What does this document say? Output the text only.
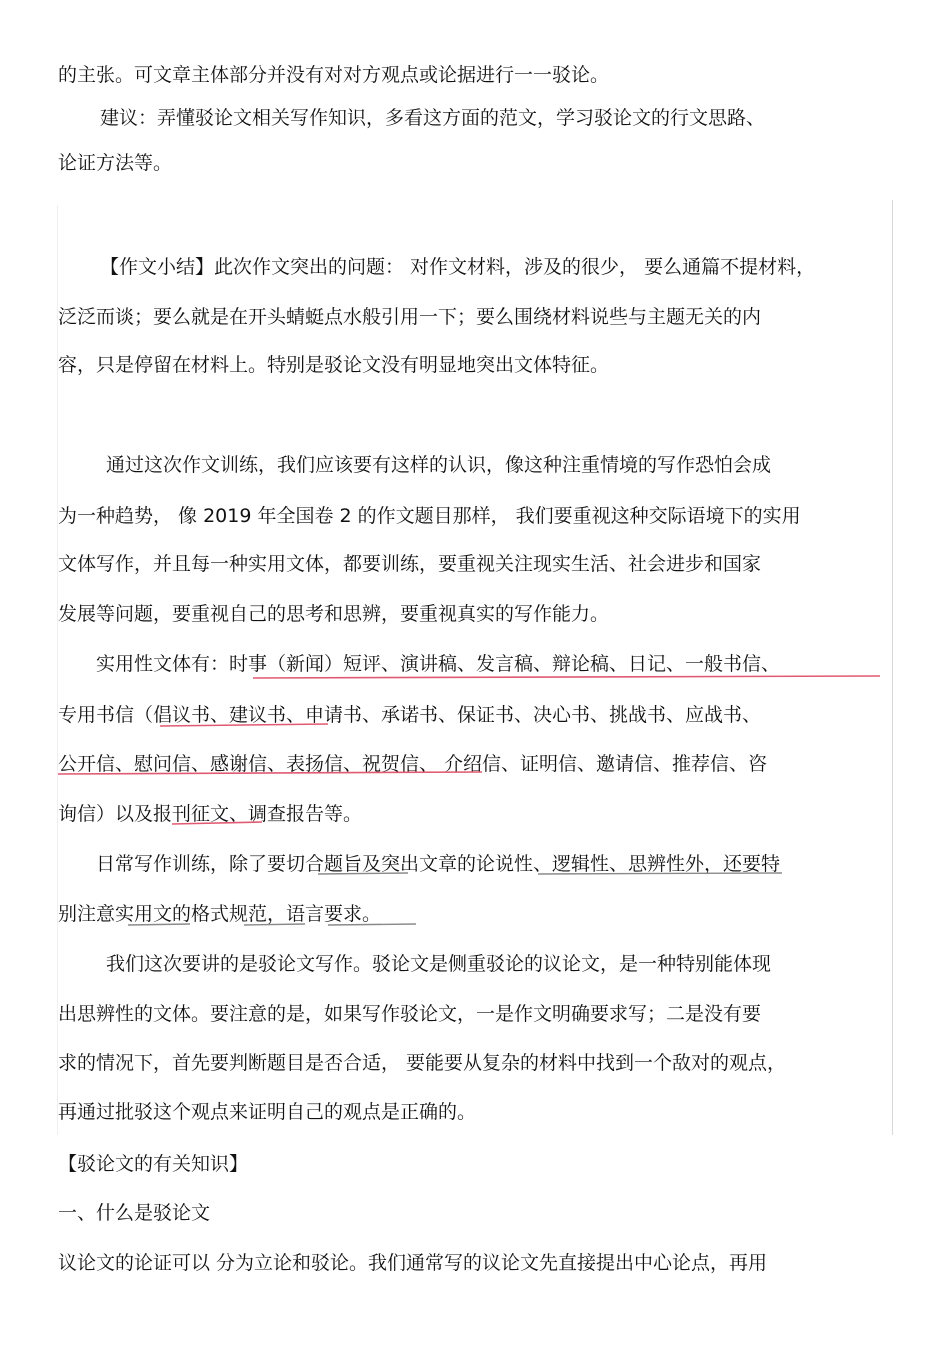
的主张。可文章主体部分并没有对对方观点或论据进行一一驳论。
建议：弄懂驳论文相关写作知识，多看这方面的范文，学习驳论文的行文思路、
论证方法等。
【作文小结】此次作文突出的问题： 对作文材料，涉及的很少， 要么通篇不提材料，
泛泛而谈；要么就是在开头蜻蜓点水般引用一下；要么围绕材料说些与主题无关的内
容，只是停留在材料上。特别是驳论文没有明显地突出文体特征。
通过这次作文训练，我们应该要有这样的认识，像这种注重情境的写作恐怕会成
为一种趋势， 像 2019 年全国卷 2 的作文题目那样， 我们要重视这种交际语境下的实用
文体写作，并且每一种实用文体，都要训练，要重视关注现实生活、社会进步和国家
发展等问题，要重视自己的思考和思辨，要重视真实的写作能力。
实用性文体有：时事（新闻）短评、演讲稿、发言稿、辩论稿、日记、一般书信、
专用书信（倡议书、建议书、申请书、承诺书、保证书、决心书、挑战书、应战书、
公开信、慰问信、感谢信、表扬信、祝贺信、 介绍信、证明信、邀请信、推荐信、咨
询信）以及报刊征文、调查报告等。
日常写作训练，除了要切合题旨及突出文章的论说性、逻辑性、思辨性外，还要特
别注意实用文的格式规范，语言要求。
我们这次要讲的是驳论文写作。驳论文是侧重驳论的议论文，是一种特别能体现
出思辨性的文体。要注意的是，如果写作驳论文，一是作文明确要求写；二是没有要
求的情况下，首先要判断题目是否合适， 要能要从复杂的材料中找到一个敌对的观点，
再通过批驳这个观点来证明自己的观点是正确的。
【驳论文的有关知识】
一、什么是驳论文
议论文的论证可以 分为立论和驳论。我们通常写的议论文先直接提出中心论点，再用
